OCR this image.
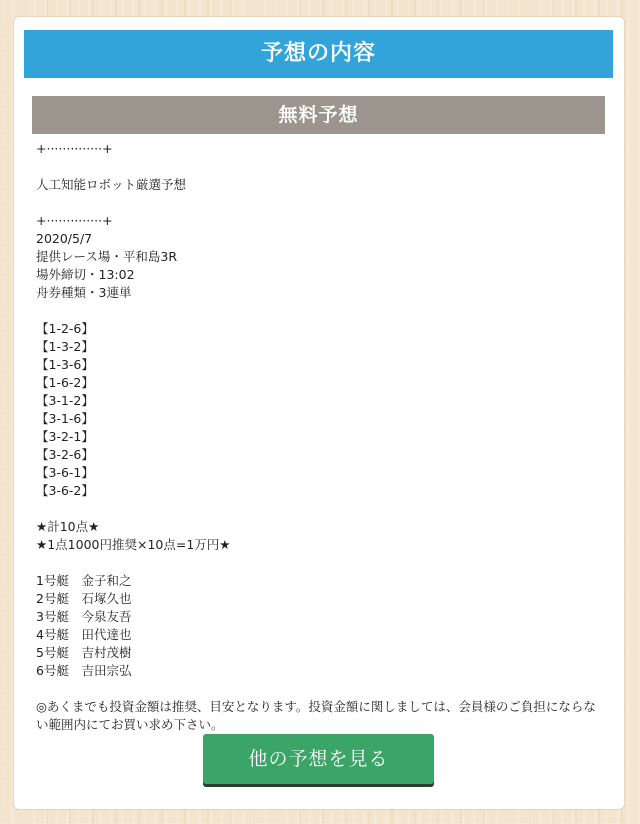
予想の内容
無料予想
+··············+
人工知能ロボット厳選予想
+··············+
2020/5/7
提供レース場・平和島3R
場外締切・13:02
舟券種類・3連単
【1-2-6】
【1-3-2】
【1-3-6】
【1-6-2】
【3-1-2】
【3-1-6】
【3-2-1】
【3-2-6】
【3-6-1】
【3-6-2】
★計10点★
★1点1000円推奨×10点=1万円★
1号艇　金子和之
2号艇　石塚久也
3号艇　今泉友吾
4号艇　田代達也
5号艇　吉村茂樹
6号艇　吉田宗弘
◎あくまでも投資金額は推奨、目安となります。投資金額に関しましては、会員様のご負担にならない範囲内にてお買い求め下さい。
他の予想を見る
